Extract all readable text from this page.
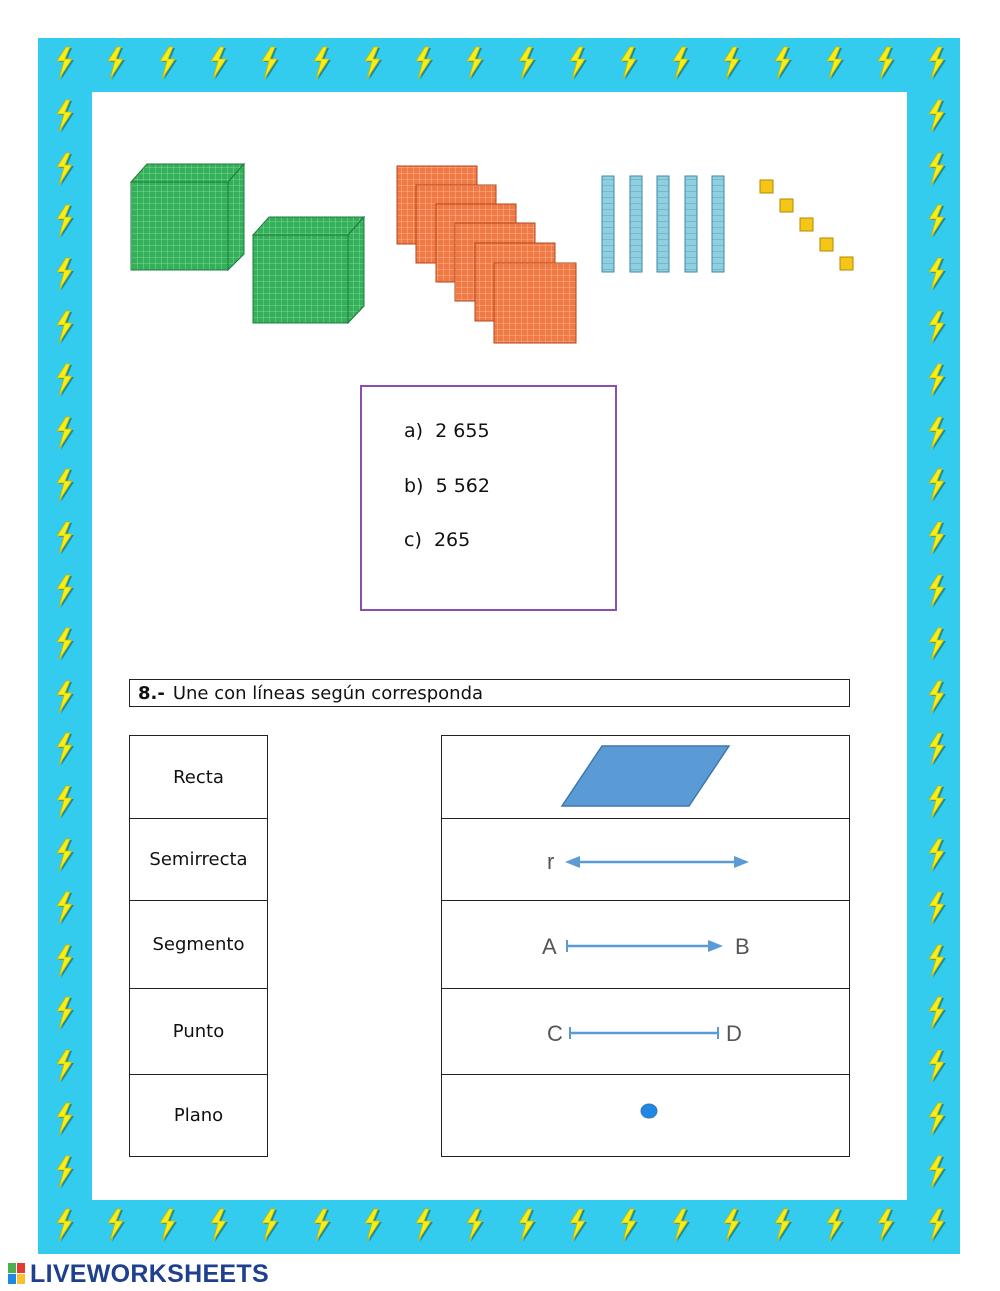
a) 2 655
b) 5 562
c) 265
8.- Une con líneas según corresponda
Recta
Semirrecta
Segmento
Punto
Plano
r
A	B
C	D
LIVEWORKSHEETS
